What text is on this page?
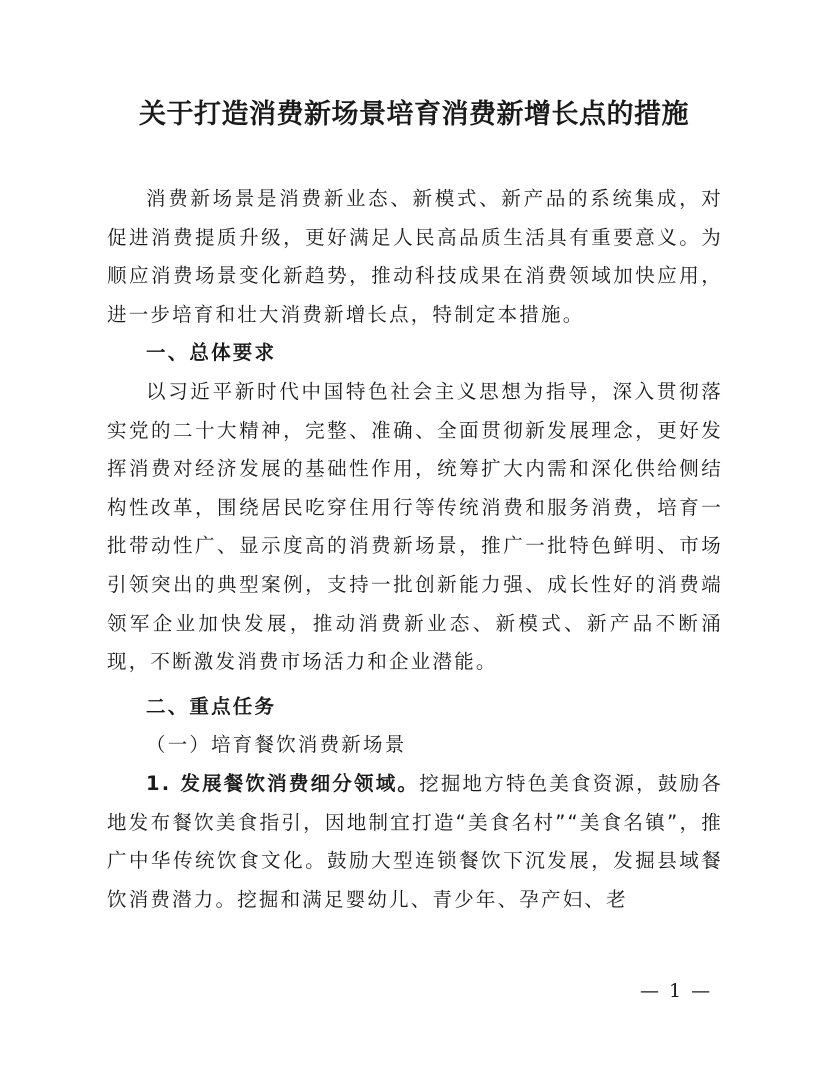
关于打造消费新场景培育消费新增长点的措施

消费新场景是消费新业态、新模式、新产品的系统集成，对促进消费提质升级，更好满足人民高品质生活具有重要意义。为顺应消费场景变化新趋势，推动科技成果在消费领域加快应用，进一步培育和壮大消费新增长点，特制定本措施。

一、总体要求

以习近平新时代中国特色社会主义思想为指导，深入贯彻落实党的二十大精神，完整、准确、全面贯彻新发展理念，更好发挥消费对经济发展的基础性作用，统筹扩大内需和深化供给侧结构性改革，围绕居民吃穿住用行等传统消费和服务消费，培育一批带动性广、显示度高的消费新场景，推广一批特色鲜明、市场引领突出的典型案例，支持一批创新能力强、成长性好的消费端领军企业加快发展，推动消费新业态、新模式、新产品不断涌现，不断激发消费市场活力和企业潜能。

二、重点任务

（一）培育餐饮消费新场景

1. 发展餐饮消费细分领域。挖掘地方特色美食资源，鼓励各地发布餐饮美食指引，因地制宜打造“美食名村”“美食名镇”，推广中华传统饮食文化。鼓励大型连锁餐饮下沉发展，发掘县域餐饮消费潜力。挖掘和满足婴幼儿、青少年、孕产妇、老

— 1 —
